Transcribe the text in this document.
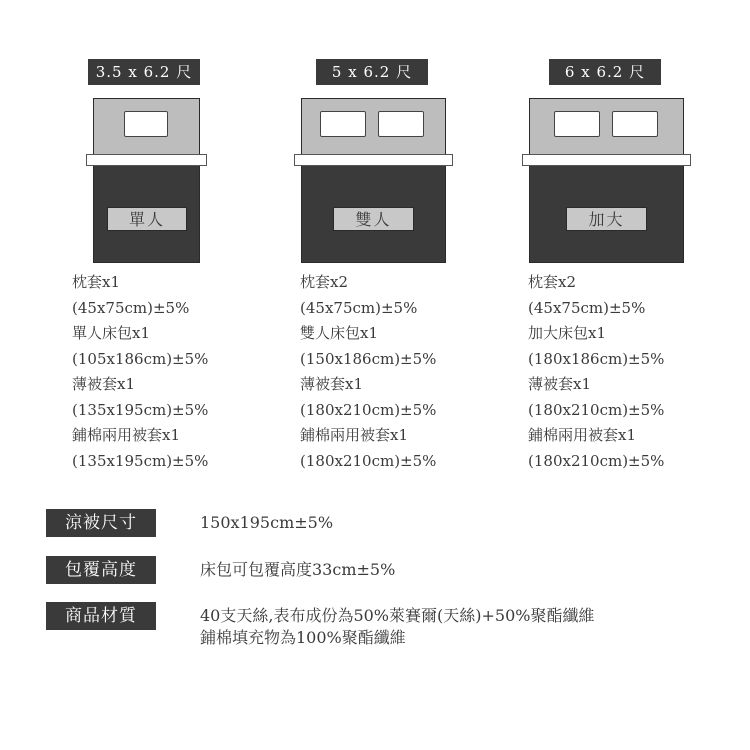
3.5 x 6.2 尺
單人
枕套x1
(45x75cm)±5%
單人床包x1
(105x186cm)±5%
薄被套x1
(135x195cm)±5%
鋪棉兩用被套x1
(135x195cm)±5%
5 x 6.2 尺
雙人
枕套x2
(45x75cm)±5%
雙人床包x1
(150x186cm)±5%
薄被套x1
(180x210cm)±5%
鋪棉兩用被套x1
(180x210cm)±5%
6 x 6.2 尺
加大
枕套x2
(45x75cm)±5%
加大床包x1
(180x186cm)±5%
薄被套x1
(180x210cm)±5%
鋪棉兩用被套x1
(180x210cm)±5%
涼被尺寸	150x195cm±5%
包覆高度	床包可包覆高度33cm±5%
商品材質	40支天絲,表布成份為50%萊賽爾(天絲)+50%聚酯纖維
鋪棉填充物為100%聚酯纖維
